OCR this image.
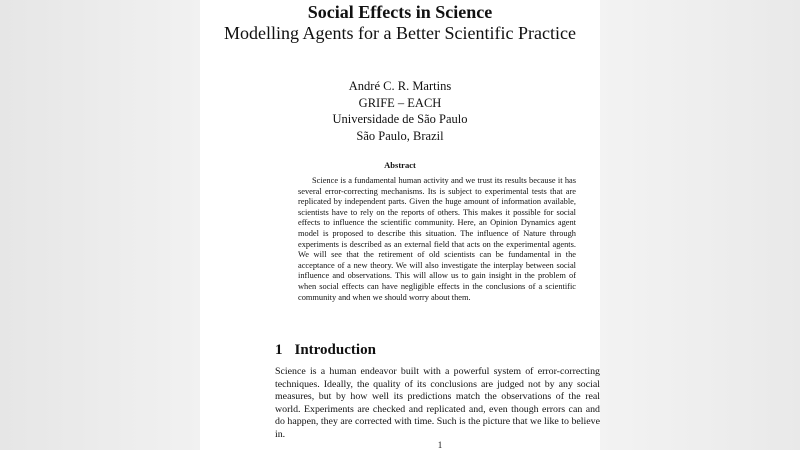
Social Effects in Science
Modelling Agents for a Better Scientific Practice
André C. R. Martins
GRIFE – EACH
Universidade de São Paulo
São Paulo, Brazil
Abstract

Science is a fundamental human activity and we trust its results because it has several error-correcting mechanisms. Its is subject to experimental tests that are replicated by independent parts. Given the huge amount of information available, scientists have to rely on the reports of others. This makes it possible for social effects to influence the scientific community. Here, an Opinion Dynamics agent model is proposed to describe this situation. The influence of Nature through experiments is described as an external field that acts on the experimental agents. We will see that the retirement of old scientists can be fundamental in the acceptance of a new theory. We will also investigate the interplay between social influence and observations. This will allow us to gain insight in the problem of when social effects can have negligible effects in the conclusions of a scientific community and when we should worry about them.

1 Introduction

Science is a human endeavor built with a powerful system of error-correcting techniques. Ideally, the quality of its conclusions are judged not by any social measures, but by how well its predictions match the observations of the real world. Experiments are checked and replicated and, even though errors can and do happen, they are corrected with time. Such is the picture that we like to believe in.

1
